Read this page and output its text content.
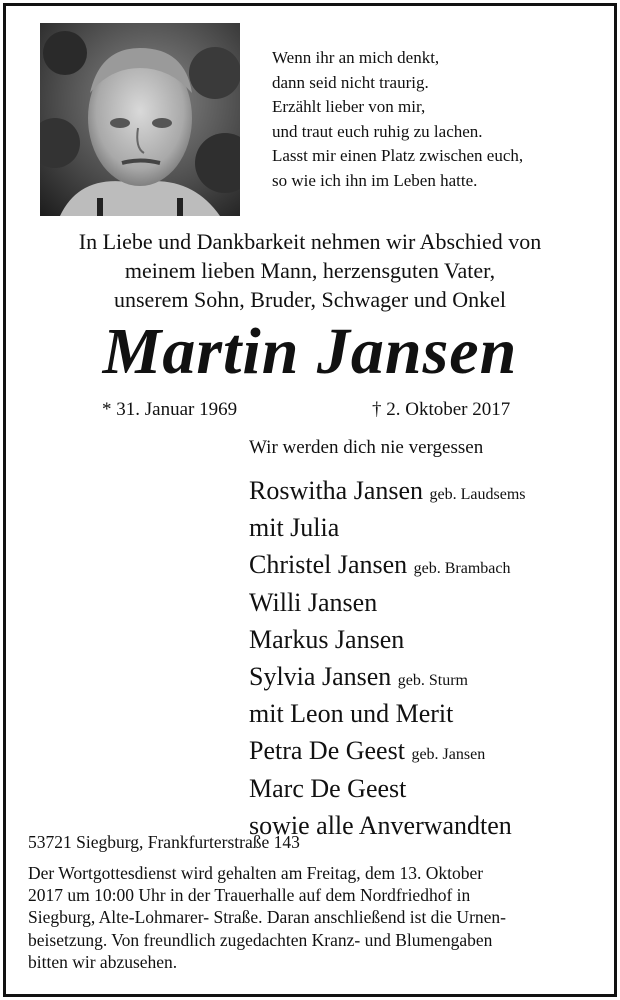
Wenn ihr an mich denkt,
dann seid nicht traurig.
Erzählt lieber von mir,
und traut euch ruhig zu lachen.
Lasst mir einen Platz zwischen euch,
so wie ich ihn im Leben hatte.
In Liebe und Dankbarkeit nehmen wir Abschied von
meinem lieben Mann, herzensguten Vater,
unserem Sohn, Bruder, Schwager und Onkel
Martin Jansen
* 31. Januar 1969	† 2. Oktober 2017
Wir werden dich nie vergessen
Roswitha Jansen geb. Laudsems
mit Julia
Christel Jansen geb. Brambach
Willi Jansen
Markus Jansen
Sylvia Jansen geb. Sturm
mit Leon und Merit
Petra De Geest geb. Jansen
Marc De Geest
sowie alle Anverwandten
53721 Siegburg, Frankfurterstraße 143
Der Wortgottesdienst wird gehalten am Freitag, dem 13. Oktober
2017 um 10:00 Uhr in der Trauerhalle auf dem Nordfriedhof in
Siegburg, Alte-Lohmarer- Straße. Daran anschließend ist die Urnen-
beisetzung. Von freundlich zugedachten Kranz- und Blumengaben
bitten wir abzusehen.
